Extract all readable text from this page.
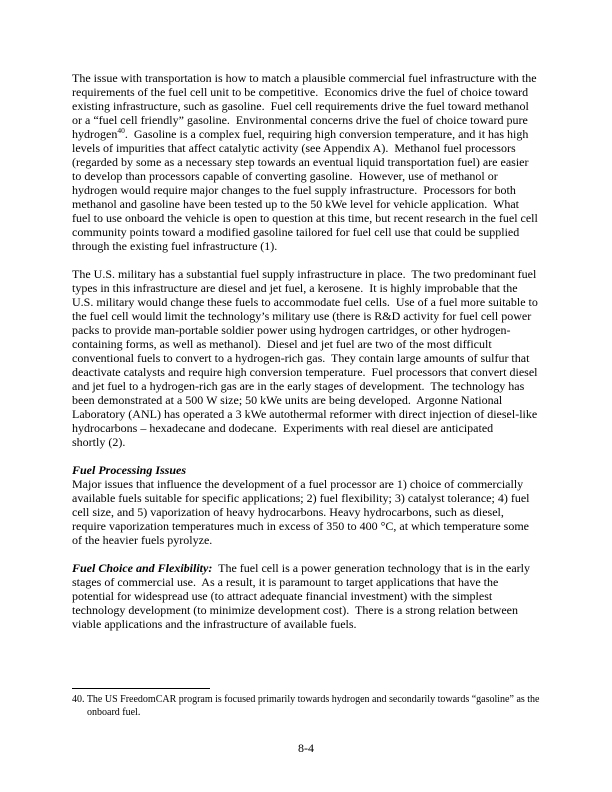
The issue with transportation is how to match a plausible commercial fuel infrastructure with the
requirements of the fuel cell unit to be competitive.  Economics drive the fuel of choice toward
existing infrastructure, such as gasoline.  Fuel cell requirements drive the fuel toward methanol
or a “fuel cell friendly” gasoline.  Environmental concerns drive the fuel of choice toward pure
hydrogen$^{40}$.  Gasoline is a complex fuel, requiring high conversion temperature, and it has high
levels of impurities that affect catalytic activity (see Appendix A).  Methanol fuel processors
(regarded by some as a necessary step towards an eventual liquid transportation fuel) are easier
to develop than processors capable of converting gasoline.  However, use of methanol or
hydrogen would require major changes to the fuel supply infrastructure.  Processors for both
methanol and gasoline have been tested up to the 50 kWe level for vehicle application.  What
fuel to use onboard the vehicle is open to question at this time, but recent research in the fuel cell
community points toward a modified gasoline tailored for fuel cell use that could be supplied
through the existing fuel infrastructure (1).
The U.S. military has a substantial fuel supply infrastructure in place.  The two predominant fuel
types in this infrastructure are diesel and jet fuel, a kerosene.  It is highly improbable that the
U.S. military would change these fuels to accommodate fuel cells.  Use of a fuel more suitable to
the fuel cell would limit the technology’s military use (there is R&D activity for fuel cell power
packs to provide man-portable soldier power using hydrogen cartridges, or other hydrogen-
containing forms, as well as methanol).  Diesel and jet fuel are two of the most difficult
conventional fuels to convert to a hydrogen-rich gas.  They contain large amounts of sulfur that
deactivate catalysts and require high conversion temperature.  Fuel processors that convert diesel
and jet fuel to a hydrogen-rich gas are in the early stages of development.  The technology has
been demonstrated at a 500 W size; 50 kWe units are being developed.  Argonne National
Laboratory (ANL) has operated a 3 kWe autothermal reformer with direct injection of diesel-like
hydrocarbons – hexadecane and dodecane.  Experiments with real diesel are anticipated
shortly (2).
Fuel Processing Issues
Major issues that influence the development of a fuel processor are 1) choice of commercially
available fuels suitable for specific applications; 2) fuel flexibility; 3) catalyst tolerance; 4) fuel
cell size, and 5) vaporization of heavy hydrocarbons. Heavy hydrocarbons, such as diesel,
require vaporization temperatures much in excess of 350 to 400 °C, at which temperature some
of the heavier fuels pyrolyze.
Fuel Choice and Flexibility:  The fuel cell is a power generation technology that is in the early
stages of commercial use.  As a result, it is paramount to target applications that have the
potential for widespread use (to attract adequate financial investment) with the simplest
technology development (to minimize development cost).  There is a strong relation between
viable applications and the infrastructure of available fuels.
40. The US FreedomCAR program is focused primarily towards hydrogen and secondarily towards “gasoline” as the
onboard fuel.
8-4
